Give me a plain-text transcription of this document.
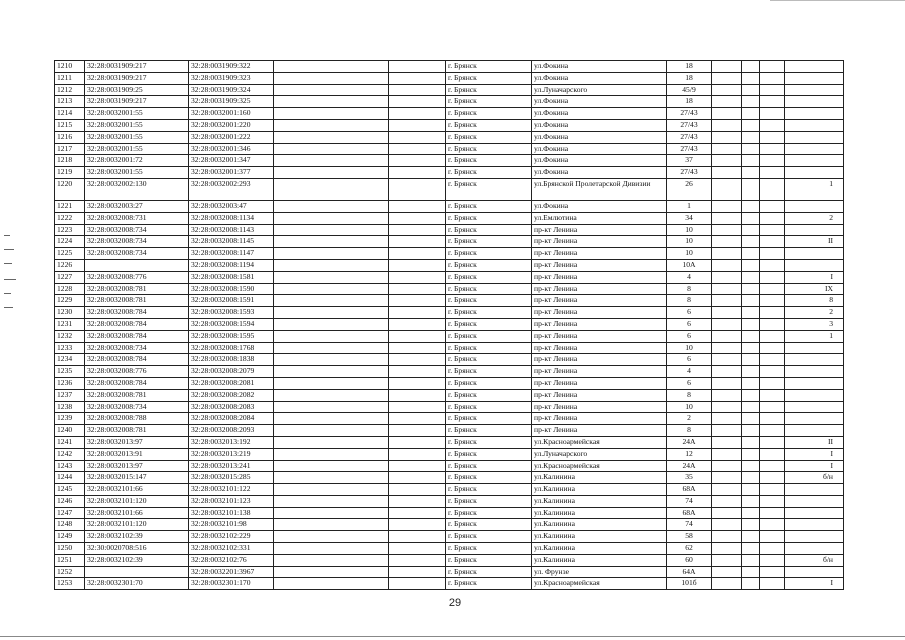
1210	32:28:0031909:217	32:28:0031909:322			г. Брянск	ул.Фокина	18				
1211	32:28:0031909:217	32:28:0031909:323			г. Брянск	ул.Фокина	18				
1212	32:28:0031909:25	32:28:0031909:324			г. Брянск	ул.Луначарского	45/9				
1213	32:28:0031909:217	32:28:0031909:325			г. Брянск	ул.Фокина	18				
1214	32:28:0032001:55	32:28:0032001:160			г. Брянск	ул.Фокина	27/43				
1215	32:28:0032001:55	32:28:0032001:220			г. Брянск	ул.Фокина	27/43				
1216	32:28:0032001:55	32:28:0032001:222			г. Брянск	ул.Фокина	27/43				
1217	32:28:0032001:55	32:28:0032001:346			г. Брянск	ул.Фокина	27/43				
1218	32:28:0032001:72	32:28:0032001:347			г. Брянск	ул.Фокина	37				
1219	32:28:0032001:55	32:28:0032001:377			г. Брянск	ул.Фокина	27/43				
1220	32:28:0032002:130	32:28:0032002:293			г. Брянск	ул.Брянской Пролетарской Дивизии	26				1
1221	32:28:0032003:27	32:28:0032003:47			г. Брянск	ул.Фокина	1				
1222	32:28:0032008:731	32:28:0032008:1134			г. Брянск	ул.Емлютина	34				2
1223	32:28:0032008:734	32:28:0032008:1143			г. Брянск	пр-кт Ленина	10				
1224	32:28:0032008:734	32:28:0032008:1145			г. Брянск	пр-кт Ленина	10				II
1225	32:28:0032008:734	32:28:0032008:1147			г. Брянск	пр-кт Ленина	10				
1226		32:28:0032008:1194			г. Брянск	пр-кт Ленина	10А				
1227	32:28:0032008:776	32:28:0032008:1581			г. Брянск	пр-кт Ленина	4				I
1228	32:28:0032008:781	32:28:0032008:1590			г. Брянск	пр-кт Ленина	8				IX
1229	32:28:0032008:781	32:28:0032008:1591			г. Брянск	пр-кт Ленина	8				8
1230	32:28:0032008:784	32:28:0032008:1593			г. Брянск	пр-кт Ленина	6				2
1231	32:28:0032008:784	32:28:0032008:1594			г. Брянск	пр-кт Ленина	6				3
1232	32:28:0032008:784	32:28:0032008:1595			г. Брянск	пр-кт Ленина	6				1
1233	32:28:0032008:734	32:28:0032008:1768			г. Брянск	пр-кт Ленина	10				
1234	32:28:0032008:784	32:28:0032008:1838			г. Брянск	пр-кт Ленина	6				
1235	32:28:0032008:776	32:28:0032008:2079			г. Брянск	пр-кт Ленина	4				
1236	32:28:0032008:784	32:28:0032008:2081			г. Брянск	пр-кт Ленина	6				
1237	32:28:0032008:781	32:28:0032008:2082			г. Брянск	пр-кт Ленина	8				
1238	32:28:0032008:734	32:28:0032008:2083			г. Брянск	пр-кт Ленина	10				
1239	32:28:0032008:788	32:28:0032008:2084			г. Брянск	пр-кт Ленина	2				
1240	32:28:0032008:781	32:28:0032008:2093			г. Брянск	пр-кт Ленина	8				
1241	32:28:0032013:97	32:28:0032013:192			г. Брянск	ул.Красноармейская	24А				II
1242	32:28:0032013:91	32:28:0032013:219			г. Брянск	ул.Луначарского	12				I
1243	32:28:0032013:97	32:28:0032013:241			г. Брянск	ул.Красноармейская	24А				I
1244	32:28:0032015:147	32:28:0032015:285			г. Брянск	ул.Калинина	35				б/н
1245	32:28:0032101:66	32:28:0032101:122			г. Брянск	ул.Калинина	68А				
1246	32:28:0032101:120	32:28:0032101:123			г. Брянск	ул.Калинина	74				
1247	32:28:0032101:66	32:28:0032101:138			г. Брянск	ул.Калинина	68А				
1248	32:28:0032101:120	32:28:0032101:98			г. Брянск	ул.Калинина	74				
1249	32:28:0032102:39	32:28:0032102:229			г. Брянск	ул.Калинина	58				
1250	32:30:0020708:516	32:28:0032102:331			г. Брянск	ул.Калинина	62				
1251	32:28:0032102:39	32:28:0032102:76			г. Брянск	ул.Калинина	60				б/н
1252		32:28:0032201:3967			г. Брянск	ул. Фрунзе	64А				
1253	32:28:0032301:70	32:28:0032301:170			г. Брянск	ул.Красноармейская	101б				I
29
